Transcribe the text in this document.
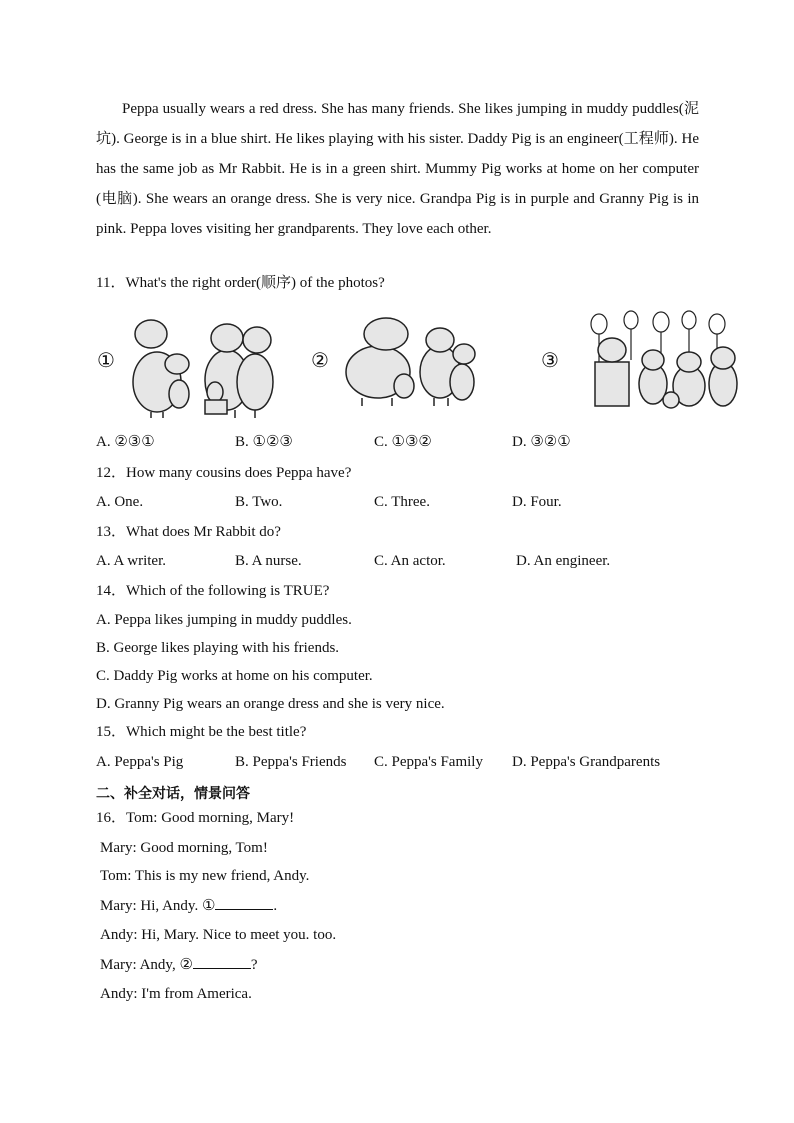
Peppa usually wears a red dress. She has many friends. She likes jumping in muddy puddles(泥坑). George is in a blue shirt. He likes playing with his sister. Daddy Pig is an engineer(工程师). He has the same job as Mr Rabbit. He is in a green shirt. Mummy Pig works at home on her computer (电脑). She wears an orange dress. She is very nice. Grandpa Pig is in purple and Granny Pig is in pink. Peppa loves visiting her grandparents. They love each other.

11．What's the right order(顺序) of the photos?
①	②	③
A. ②③①	B. ①②③	C. ①③②	D. ③②①
12．How many cousins does Peppa have?
A. One.	B. Two.	C. Three.	D. Four.
13．What does Mr Rabbit do?
A. A writer.	B. A nurse.	C. An actor.	D. An engineer.
14．Which of the following is TRUE?
A. Peppa likes jumping in muddy puddles.
B. George likes playing with his friends.
C. Daddy Pig works at home on his computer.
D. Granny Pig wears an orange dress and she is very nice.
15．Which might be the best title?
A. Peppa's Pig	B. Peppa's Friends C. Peppa's Family D. Peppa's Grandparents
二、补全对话，情景问答
16．Tom: Good morning, Mary!
Mary: Good morning, Tom!
Tom: This is my new friend, Andy.
Mary: Hi, Andy. ①	.
Andy: Hi, Mary. Nice to meet you. too.
Mary: Andy, ②	?
Andy: I'm from America.
